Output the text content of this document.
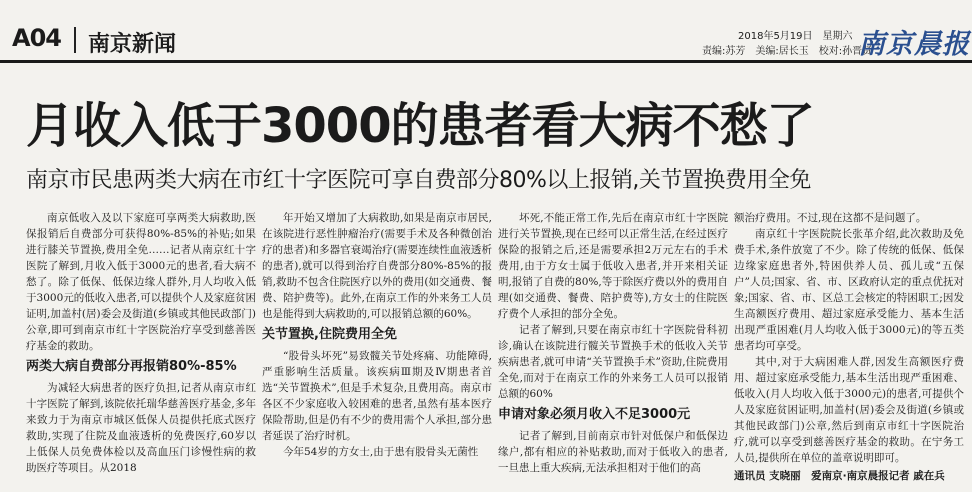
A04 南京新闻	2018年5月19日　星期六
责编:苏芳　美编:居长玉　校对:孙晋贤
南京晨报
月收入低于3000的患者看大病不愁了
南京市民患两类大病在市红十字医院可享自费部分80%以上报销,关节置换费用全免

南京低收入及以下家庭可享两类大病救助,医保报销后自费部分可获得80%-85%的补贴;如果进行膝关节置换,费用全免……记者从南京红十字医院了解到,月收入低于3000元的患者,看大病不愁了。除了低保、低保边缘人群外,月人均收入低于3000元的低收入患者,可以提供个人及家庭贫困证明,加盖村(居)委会及街道(乡镇或其他民政部门)公章,即可到南京市红十字医院治疗享受到慈善医疗基金的救助。

两类大病自费部分再报销80%-85%

为减轻大病患者的医疗负担,记者从南京市红十字医院了解到,该院依托瑞华慈善医疗基金,多年来致力于为南京市城区低保人员提供托底式医疗救助,实现了住院及血液透析的免费医疗,60岁以上低保人员免费体检以及高血压门诊慢性病的救助医疗等项目。从2018

年开始又增加了大病救助,如果是南京市居民,在该院进行恶性肿瘤治疗(需要手术及各种微创治疗的患者)和多器官衰竭治疗(需要连续性血液透析的患者),就可以得到治疗自费部分80%-85%的报销,救助不包含住院医疗以外的费用(如交通费、餐费、陪护费等)。此外,在南京工作的外来务工人员也是能得到大病救助的,可以报销总额的60%。

关节置换,住院费用全免

“股骨头坏死”易致髋关节处疼痛、功能障碍,严重影响生活质量。该疾病Ⅲ期及Ⅳ期患者首选“关节置换术”,但是手术复杂,且费用高。南京市各区不少家庭收入较困难的患者,虽然有基本医疗保险帮助,但是仍有不少的费用需个人承担,部分患者延误了治疗时机。

今年54岁的方女士,由于患有股骨头无菌性

坏死,不能正常工作,先后在南京市红十字医院进行关节置换,现在已经可以正常生活,在经过医疗保险的报销之后,还是需要承担2万元左右的手术费用,由于方女士属于低收入患者,并开来相关证明,报销了自费的80%,等于除医疗费以外的费用自理(如交通费、餐费、陪护费等),方女士的住院医疗费个人承担的部分全免。

记者了解到,只要在南京市红十字医院骨科初诊,确认在该院进行髋关节置换手术的低收入关节疾病患者,就可申请“关节置换手术”资助,住院费用全免,而对于在南京工作的外来务工人员可以报销总额的60%

申请对象必须月收入不足3000元

记者了解到,目前南京市针对低保户和低保边缘户,都有相应的补贴救助,而对于低收入的患者,一旦患上重大疾病,无法承担相对于他们的高

额治疗费用。不过,现在这都不是问题了。

南京红十字医院院长张革介绍,此次救助及免费手术,条件放宽了不少。除了传统的低保、低保边缘家庭患者外,特困供养人员、孤儿或“五保户”人员;国家、省、市、区政府认定的重点优抚对象;国家、省、市、区总工会核定的特困职工;因发生高额医疗费用、超过家庭承受能力、基本生活出现严重困难(月人均收入低于3000元)的等五类患者均可享受。

其中,对于大病困难人群,因发生高额医疗费用、超过家庭承受能力,基本生活出现严重困难、低收入(月人均收入低于3000元)的患者,可提供个人及家庭贫困证明,加盖村(居)委会及街道(乡镇或其他民政部门)公章,然后到南京市红十字医院治疗,就可以享受到慈善医疗基金的救助。在宁务工人员,提供所在单位的盖章说明即可。

通讯员 支晓丽　爱南京·南京晨报记者 戚在兵
